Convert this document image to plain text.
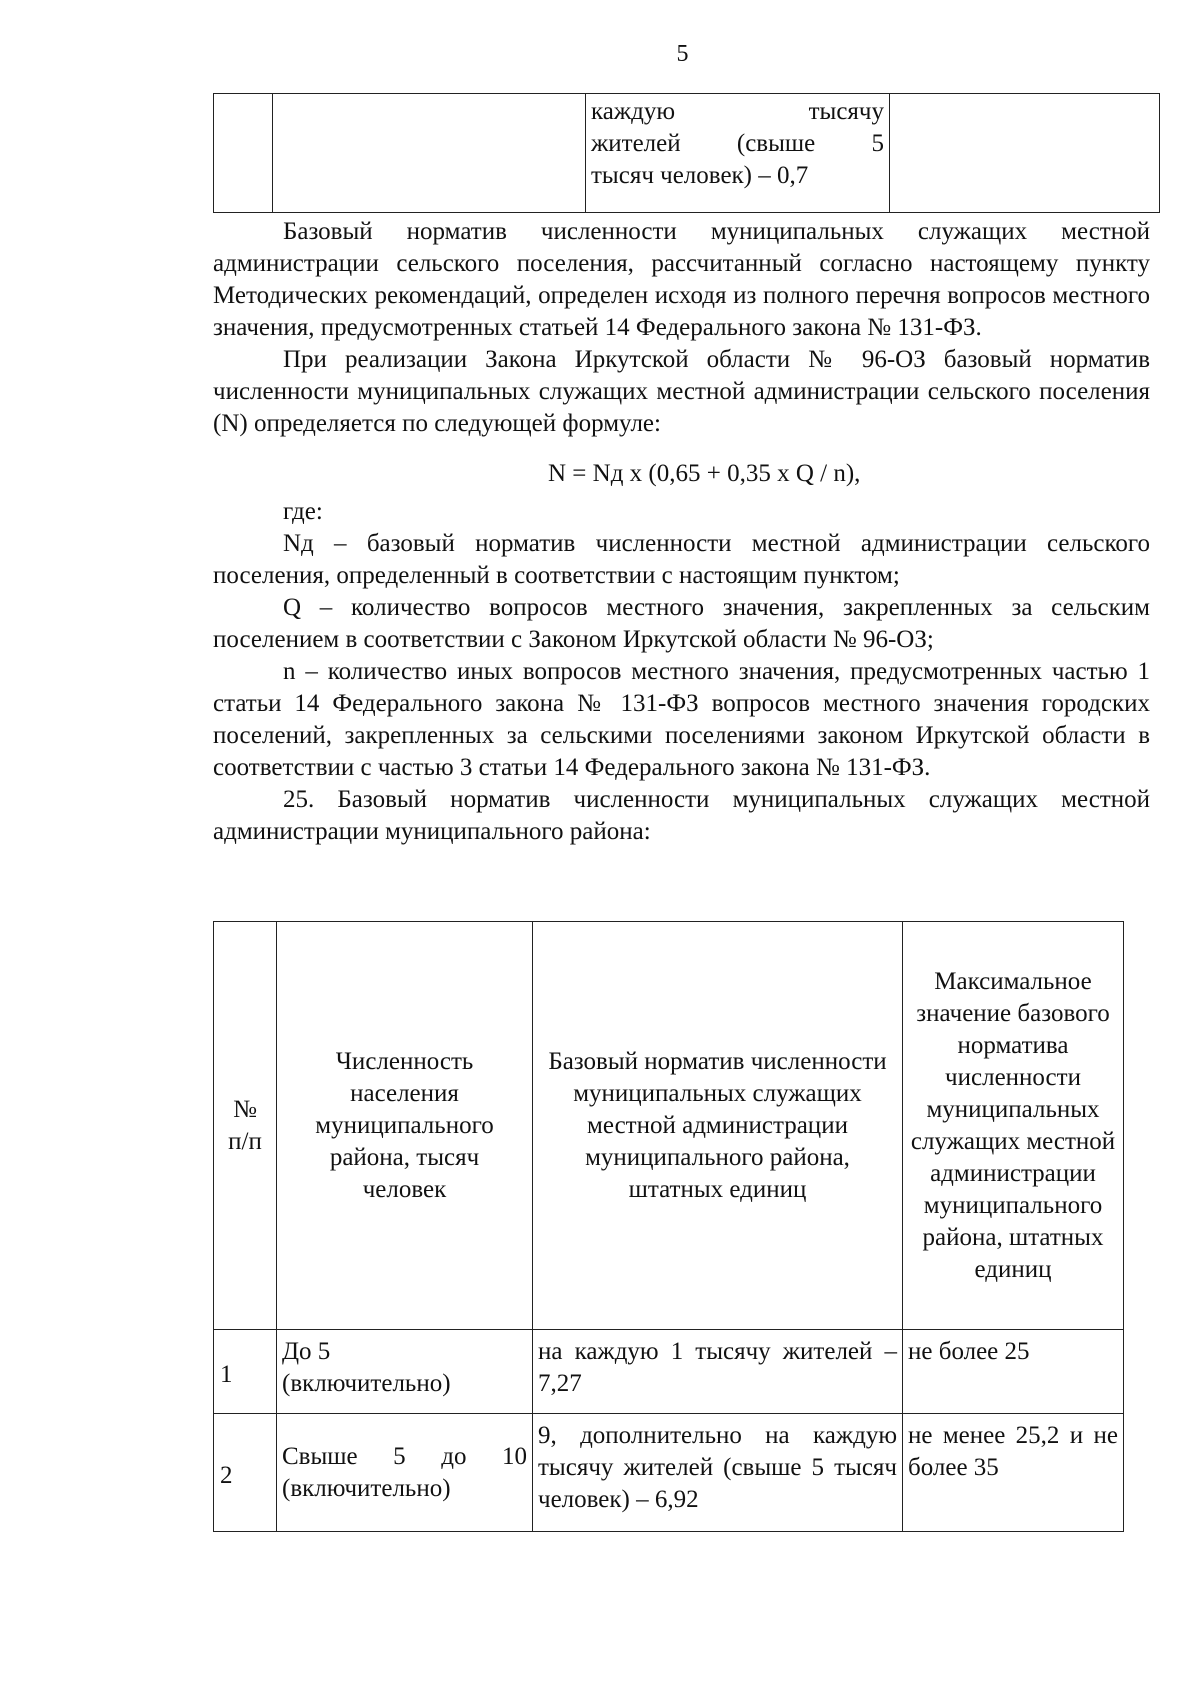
5

каждую тысячу
жителей (свыше 5
тысяч человек) – 0,7

Базовый норматив численности муниципальных служащих местной администрации сельского поселения, рассчитанный согласно настоящему пункту Методических рекомендаций, определен исходя из полного перечня вопросов местного значения, предусмотренных статьей 14 Федерального закона № 131-ФЗ.

При реализации Закона Иркутской области № 96-ОЗ базовый норматив численности муниципальных служащих местной администрации сельского поселения (N) определяется по следующей формуле:

N = Nд x (0,65 + 0,35 x Q / n),

где:

Nд – базовый норматив численности местной администрации сельского поселения, определенный в соответствии с настоящим пунктом;

Q – количество вопросов местного значения, закрепленных за сельским поселением в соответствии с Законом Иркутской области № 96-ОЗ;

n – количество иных вопросов местного значения, предусмотренных частью 1 статьи 14 Федерального закона № 131-ФЗ вопросов местного значения городских поселений, закрепленных за сельскими поселениями законом Иркутской области в соответствии с частью 3 статьи 14 Федерального закона № 131-ФЗ.

25. Базовый норматив численности муниципальных служащих местной администрации муниципального района:

№ п/п	Численность населения муниципального района, тысяч человек	Базовый норматив численности муниципальных служащих местной администрации муниципального района, штатных единиц	Максимальное значение базового норматива численности муниципальных служащих местной администрации муниципального района, штатных единиц
1	До 5 (включительно)	на каждую 1 тысячу жителей – 7,27	не более 25
2	Свыше 5 до 10 (включительно)	9, дополнительно на каждую тысячу жителей (свыше 5 тысяч человек) – 6,92	не менее 25,2 и не более 35
